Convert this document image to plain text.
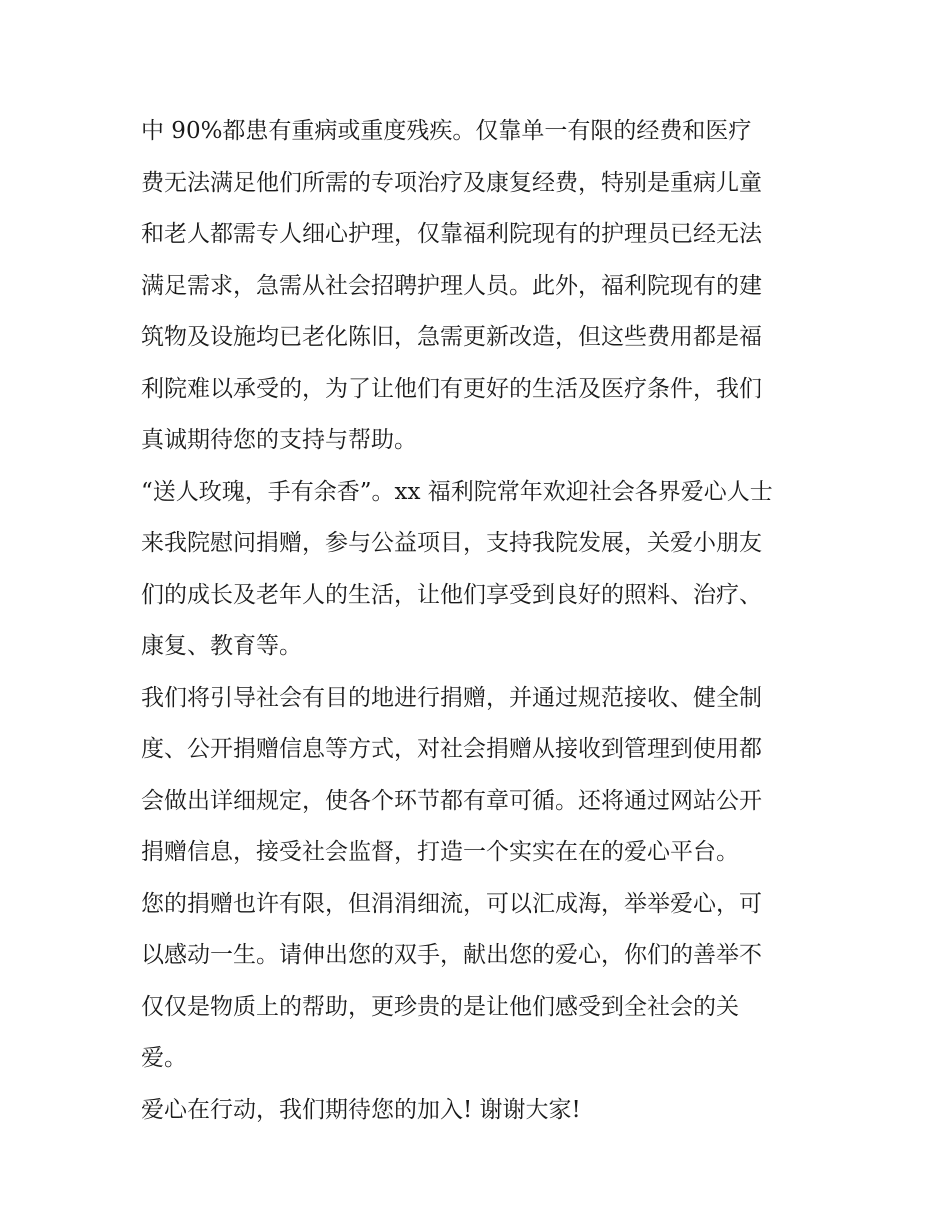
中 90%都患有重病或重度残疾。仅靠单一有限的经费和医疗
费无法满足他们所需的专项治疗及康复经费，特别是重病儿童
和老人都需专人细心护理，仅靠福利院现有的护理员已经无法
满足需求，急需从社会招聘护理人员。此外，福利院现有的建
筑物及设施均已老化陈旧，急需更新改造，但这些费用都是福
利院难以承受的，为了让他们有更好的生活及医疗条件，我们
真诚期待您的支持与帮助。
“送人玫瑰，手有余香”。xx 福利院常年欢迎社会各界爱心人士
来我院慰问捐赠，参与公益项目，支持我院发展，关爱小朋友
们的成长及老年人的生活，让他们享受到良好的照料、治疗、
康复、教育等。
我们将引导社会有目的地进行捐赠，并通过规范接收、健全制
度、公开捐赠信息等方式，对社会捐赠从接收到管理到使用都
会做出详细规定，使各个环节都有章可循。还将通过网站公开
捐赠信息，接受社会监督，打造一个实实在在的爱心平台。
您的捐赠也许有限，但涓涓细流，可以汇成海，举举爱心，可
以感动一生。请伸出您的双手，献出您的爱心，你们的善举不
仅仅是物质上的帮助，更珍贵的是让他们感受到全社会的关
爱。
爱心在行动，我们期待您的加入! 谢谢大家!
